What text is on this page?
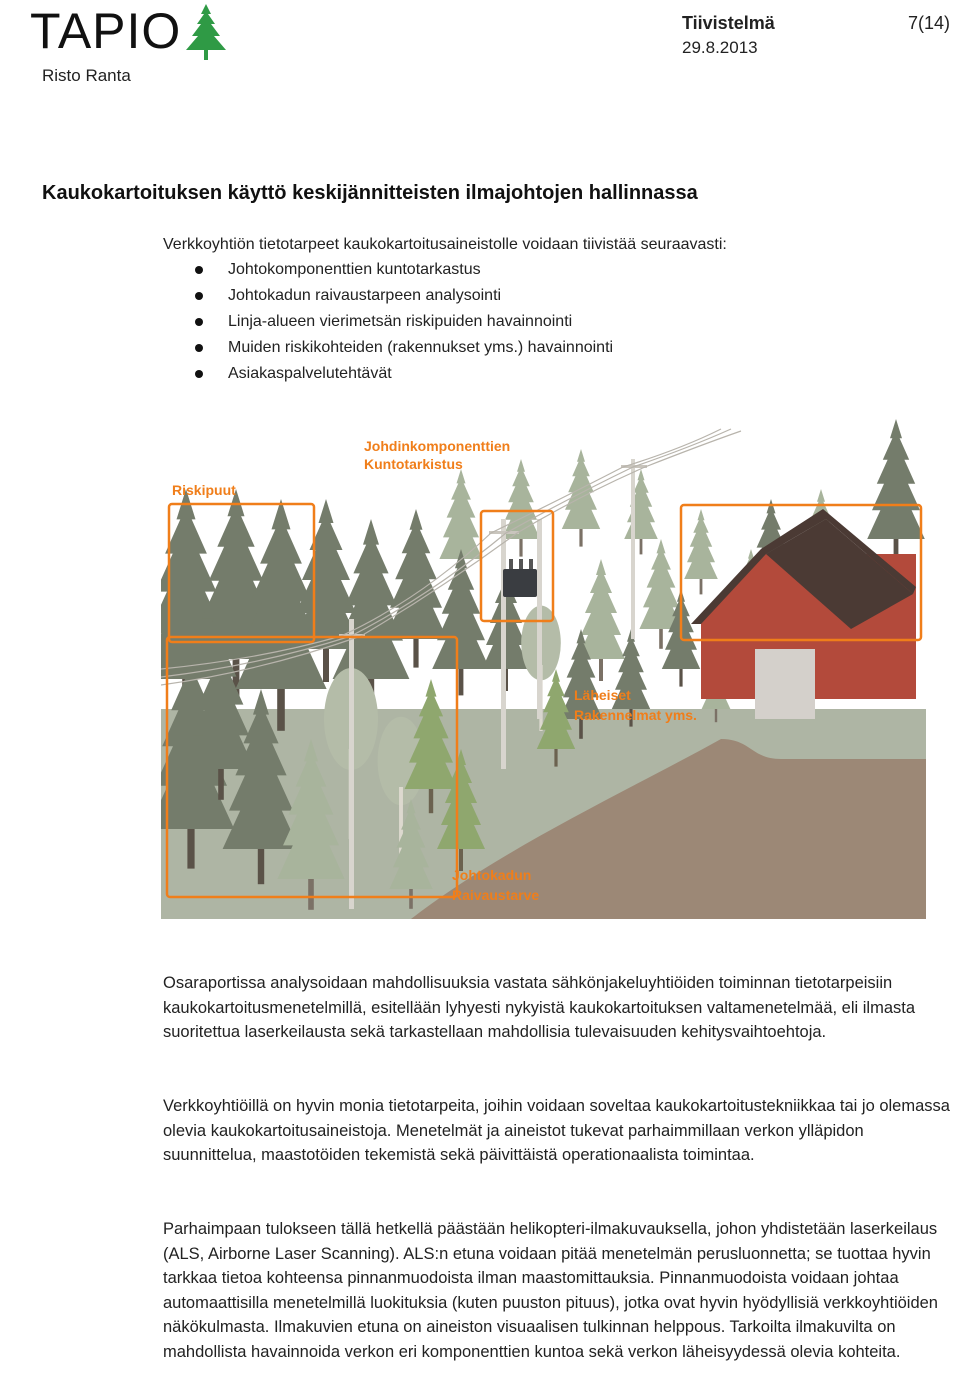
TAPIO
Risto Ranta
Tiivistelmä	7(14)
29.8.2013
Kaukokartoituksen käyttö keskijännitteisten ilmajohtojen hallinnassa
Verkkoyhtiön tietotarpeet kaukokartoitusaineistolle voidaan tiivistää seuraavasti:
Johtokomponenttien kuntotarkastus
Johtokadun raivaustarpeen analysointi
Linja-alueen vierimetsän riskipuiden havainnointi
Muiden riskikohteiden (rakennukset yms.) havainnointi
Asiakaspalvelutehtävät
Riskipuut
Johdinkomponenttien
Kuntotarkistus
Läheiset
Rakennelmat yms.
Johtokadun
Raivaustarve

Osaraportissa analysoidaan mahdollisuuksia vastata sähkönjakeluyhtiöiden toiminnan tietotarpeisiin kaukokartoitusmenetelmillä, esitellään lyhyesti nykyistä kaukokartoituksen valtamenetelmää, eli ilmasta suoritettua laserkeilausta sekä tarkastellaan mahdollisia tulevaisuuden kehitysvaihtoehtoja.

Verkkoyhtiöillä on hyvin monia tietotarpeita, joihin voidaan soveltaa kaukokartoitustekniikkaa tai jo olemassa olevia kaukokartoitusaineistoja. Menetelmät ja aineistot tukevat parhaimmillaan verkon ylläpidon suunnittelua, maastotöiden tekemistä sekä päivittäistä operationaalista toimintaa.

Parhaimpaan tulokseen tällä hetkellä päästään helikopteri-ilmakuvauksella, johon yhdistetään laserkeilaus (ALS, Airborne Laser Scanning). ALS:n etuna voidaan pitää menetelmän perusluonnetta; se tuottaa hyvin tarkkaa tietoa kohteensa pinnanmuodoista ilman maastomittauksia. Pinnanmuodoista voidaan johtaa automaattisilla menetelmillä luokituksia (kuten puuston pituus), jotka ovat hyvin hyödyllisiä verkkoyhtiöiden näkökulmasta. Ilmakuvien etuna on aineiston visuaalisen tulkinnan helppous. Tarkoilta ilmakuvilta on mahdollista havainnoida verkon eri komponenttien kuntoa sekä verkon läheisyydessä olevia kohteita.
